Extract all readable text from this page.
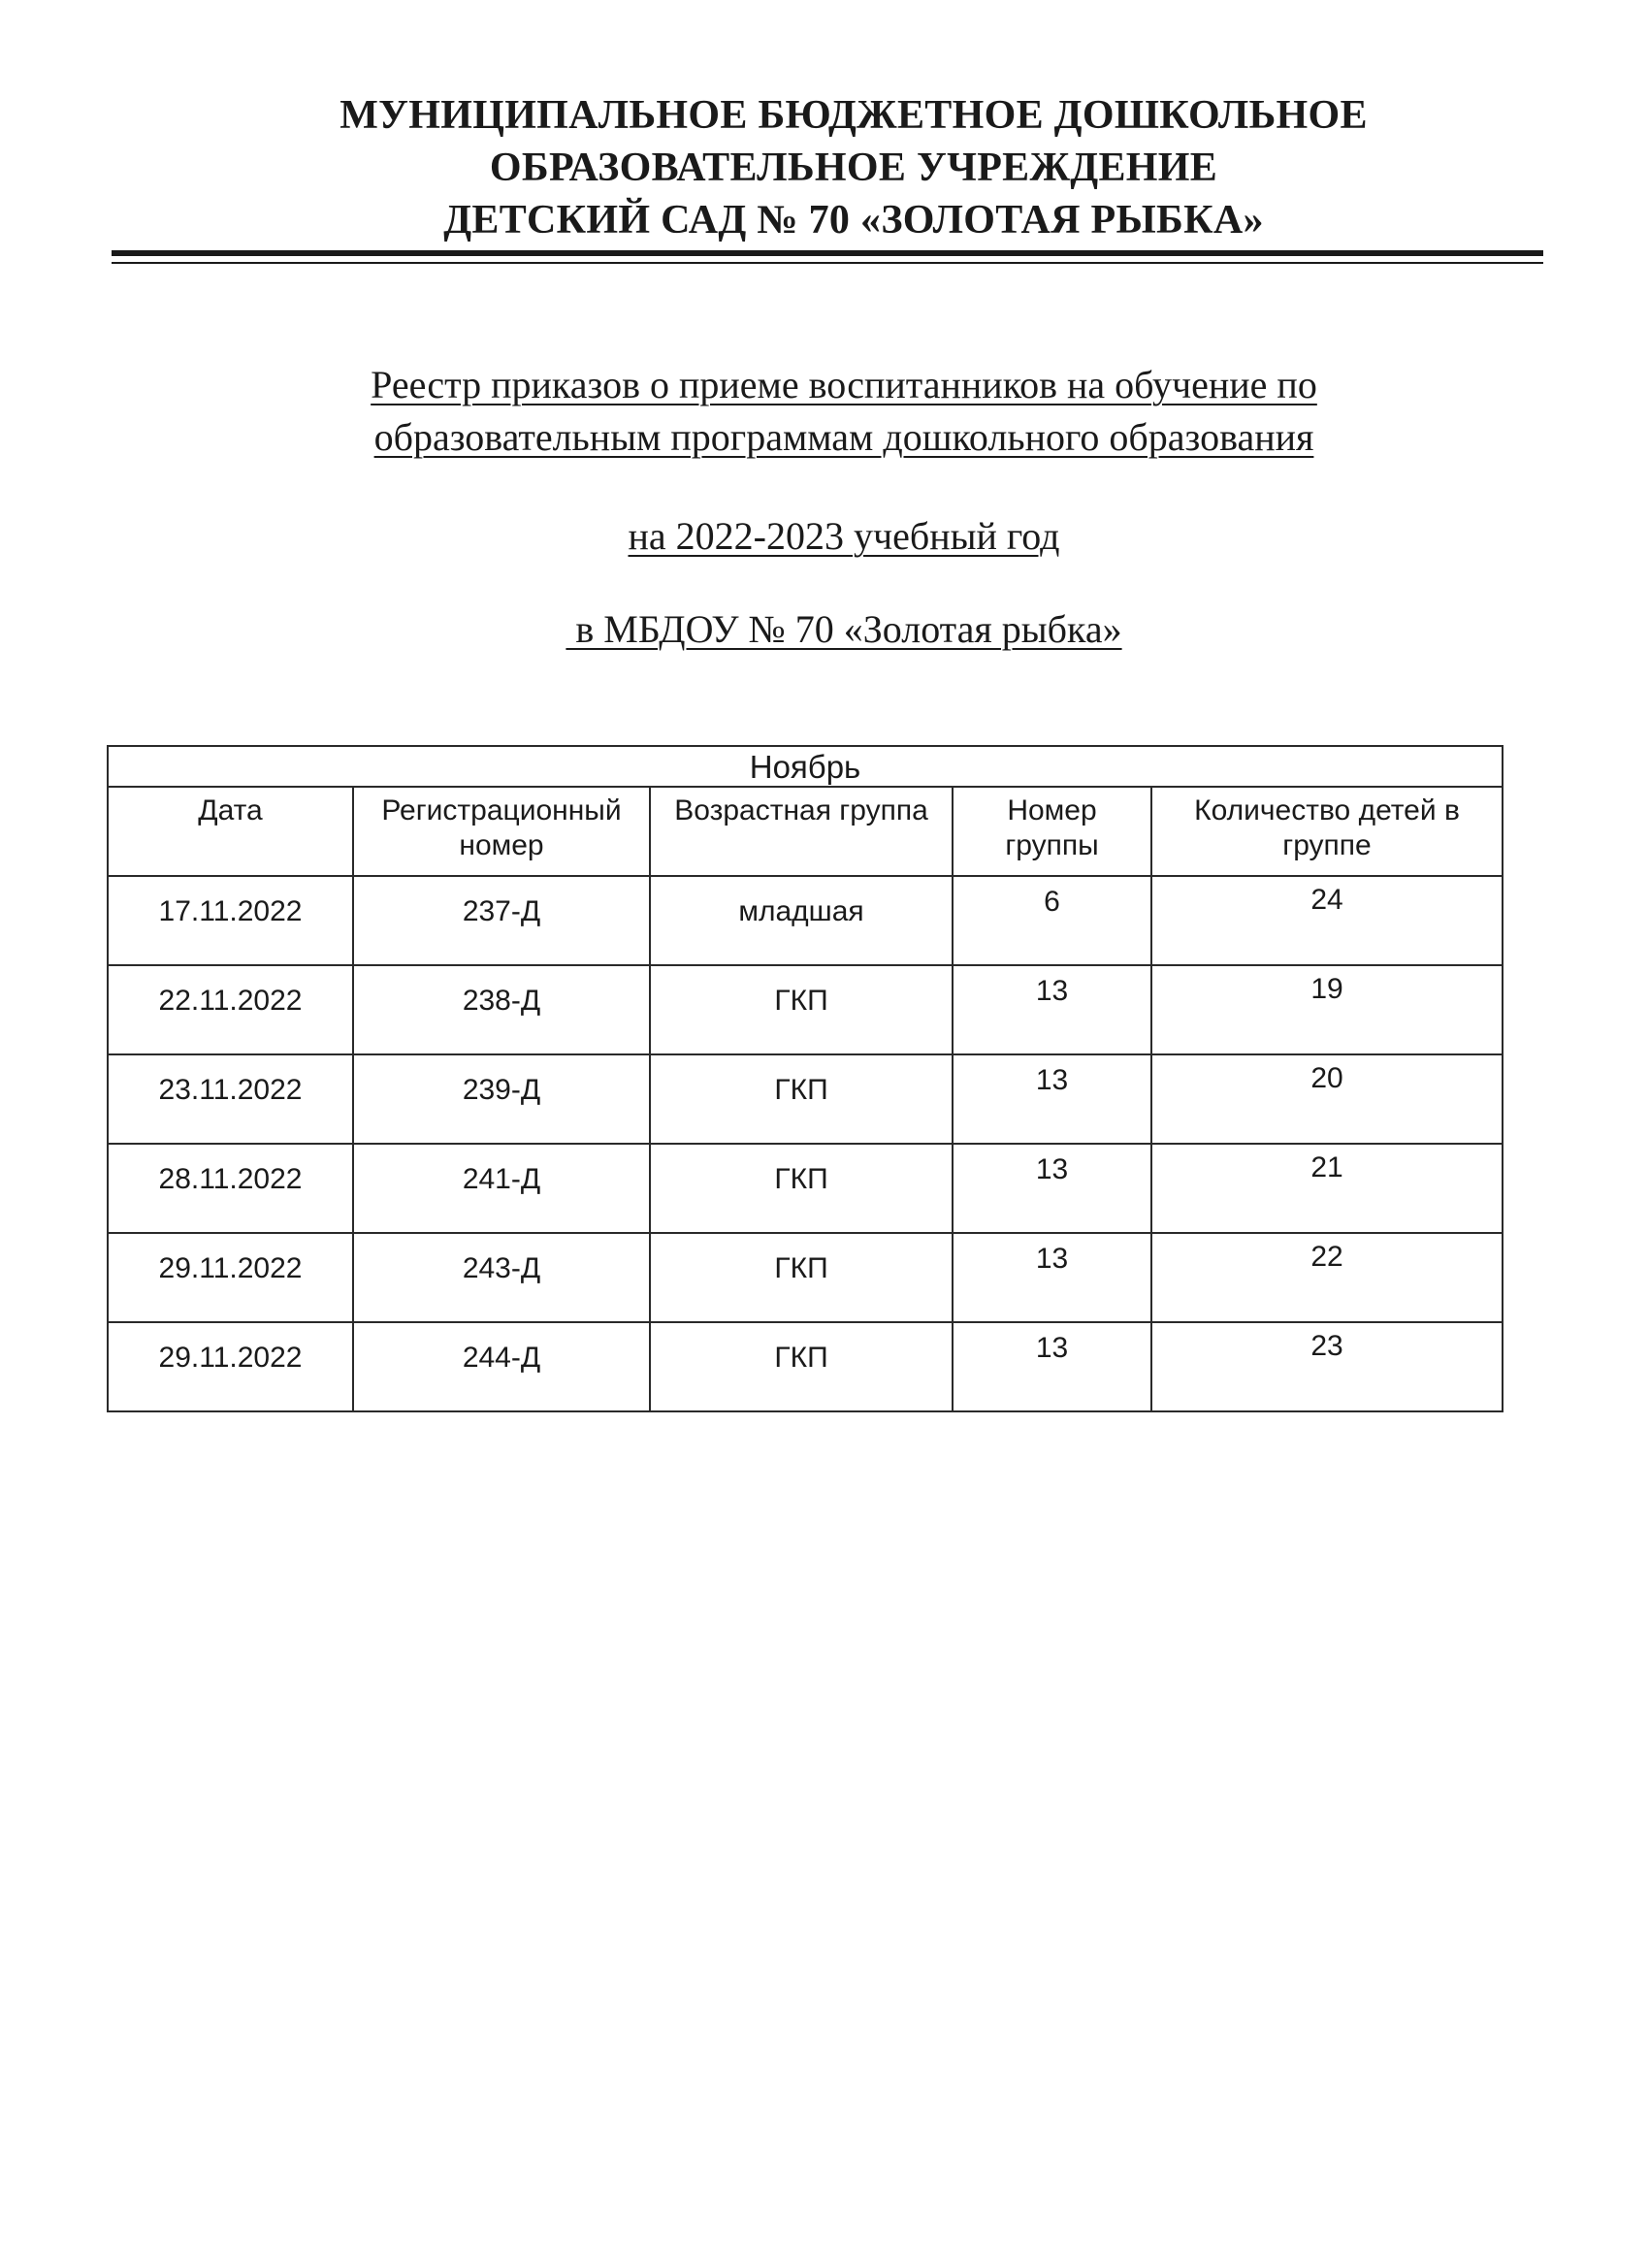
МУНИЦИПАЛЬНОЕ БЮДЖЕТНОЕ ДОШКОЛЬНОЕ
ОБРАЗОВАТЕЛЬНОЕ УЧРЕЖДЕНИЕ
ДЕТСКИЙ САД № 70 «ЗОЛОТАЯ РЫБКА»
Реестр приказов о приеме воспитанников на обучение по
образовательным программам дошкольного образования
на 2022-2023 учебный год
в МБДОУ № 70 «Золотая рыбка»
Ноябрь				
Дата	Регистрационный номер	Возрастная группа	Номер группы	Количество детей в группе
17.11.2022	237-Д	младшая	6	24
22.11.2022	238-Д	ГКП	13	19
23.11.2022	239-Д	ГКП	13	20
28.11.2022	241-Д	ГКП	13	21
29.11.2022	243-Д	ГКП	13	22
29.11.2022	244-Д	ГКП	13	23
